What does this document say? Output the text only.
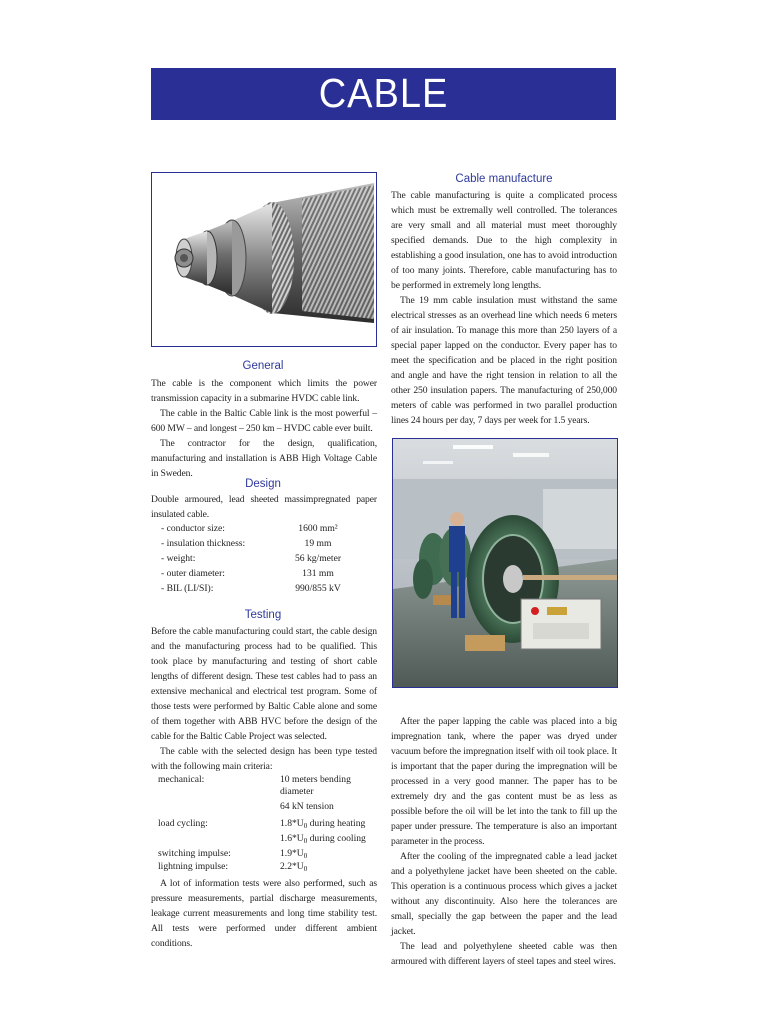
CABLE
General

The cable is the component which limits the power transmission capacity in a submarine HVDC cable link.

The cable in the Baltic Cable link is the most powerful – 600 MW – and longest – 250 km – HVDC cable ever built.

The contractor for the design, qualification, manufacturing and installation is ABB High Voltage Cable in Sweden.

Design

Double armoured, lead sheeted massimpregnated paper insulated cable.

- conductor size:	1600 mm²
- insulation thickness:	19 mm
- weight:	56 kg/meter
- outer diameter:	131 mm
- BIL (LI/SI):	990/855 kV
Testing

Before the cable manufacturing could start, the cable design and the manufacturing process had to be qualified. This took place by manufacturing and testing of short cable lengths of different design. These test cables had to pass an extensive mechanical and electrical test program. Some of those tests were performed by Baltic Cable alone and some of them together with ABB HVC before the design of the cable for the Baltic Cable Project was selected.

The cable with the selected design has been type tested with the following main criteria:

mechanical:	10 meters bending diameter
64 kN tension
load cycling:	$1.8*U_0$ during heating
$1.6*U_0$ during cooling
switching impulse:	$1.9*U_0$
lightning impulse:	$2.2*U_0$

A lot of information tests were also performed, such as pressure measurements, partial discharge measurements, leakage current measurements and long time stability test. All tests were performed under different ambient conditions.

Cable manufacture

The cable manufacturing is quite a complicated process which must be extremally well controlled. The tolerances are very small and all material must meet thoroughly specified demands. Due to the high complexity in establishing a good insulation, one has to avoid introduction of too many joints. Therefore, cable manufacturing has to be performed in extremely long lengths.

The 19 mm cable insulation must withstand the same electrical stresses as an overhead line which needs 6 meters of air insulation. To manage this more than 250 layers of a special paper lapped on the conductor. Every paper has to meet the specification and be placed in the right position and angle and have the right tension in relation to all the other 250 insulation papers. The manufacturing of 250,000 meters of cable was performed in two parallel production lines 24 hours per day, 7 days per week for 1.5 years.

After the paper lapping the cable was placed into a big impregnation tank, where the paper was dryed under vacuum before the impregnation itself with oil took place. It is important that the paper during the impregnation will be processed in a very good manner. The paper has to be extremely dry and the gas content must be as less as possible before the oil will be let into the tank to fill up the paper under pressure. The temperature is also an important parameter in the process.

After the cooling of the impregnated cable a lead jacket and a polyethylene jacket have been sheeted on the cable. This operation is a continuous process which gives a jacket without any discontinuity. Also here the tolerances are small, specially the gap between the paper and the lead jacket.

The lead and polyethylene sheeted cable was then armoured with different layers of steel tapes and steel wires.
